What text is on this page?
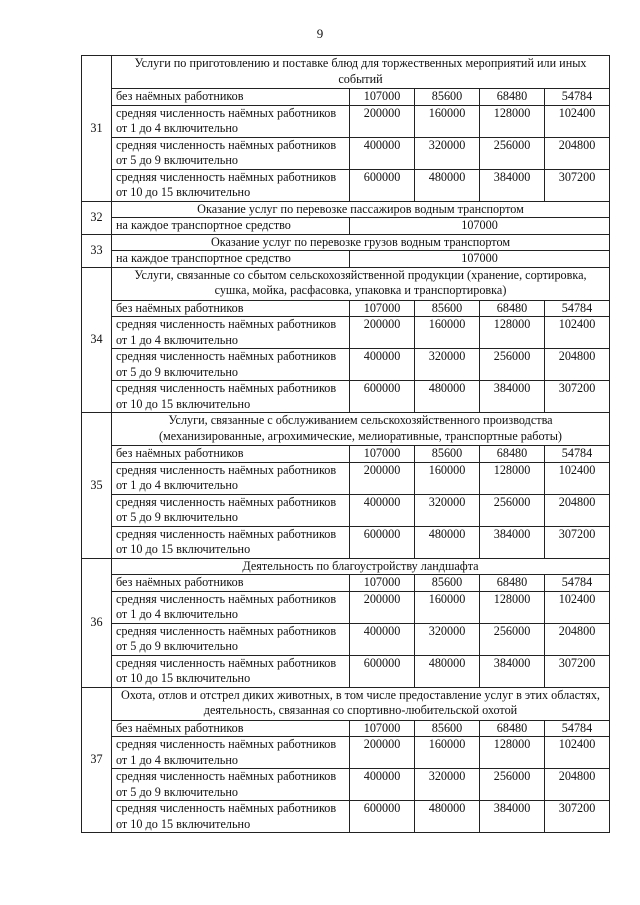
9
31	Услуги по приготовлению и поставке блюд для торжественных мероприятий или иных событий				
	без наёмных работников	107000	85600	68480	54784
	средняя численность наёмных работников от 1 до 4 включительно	200000	160000	128000	102400
	средняя численность наёмных работников от 5 до 9 включительно	400000	320000	256000	204800
	средняя численность наёмных работников от 10 до 15 включительно	600000	480000	384000	307200
32	Оказание услуг по перевозке пассажиров водным транспортом				
	на каждое транспортное средство	107000			
33	Оказание услуг по перевозке грузов водным транспортом				
	на каждое транспортное средство	107000			
34	Услуги, связанные со сбытом сельскохозяйственной продукции (хранение, сортировка, сушка, мойка, расфасовка, упаковка и транспортировка)				
	без наёмных работников	107000	85600	68480	54784
	средняя численность наёмных работников от 1 до 4 включительно	200000	160000	128000	102400
	средняя численность наёмных работников от 5 до 9 включительно	400000	320000	256000	204800
	средняя численность наёмных работников от 10 до 15 включительно	600000	480000	384000	307200
35	Услуги, связанные с обслуживанием сельскохозяйственного производства (механизированные, агрохимические, мелиоративные, транспортные работы)				
	без наёмных работников	107000	85600	68480	54784
	средняя численность наёмных работников от 1 до 4 включительно	200000	160000	128000	102400
	средняя численность наёмных работников от 5 до 9 включительно	400000	320000	256000	204800
	средняя численность наёмных работников от 10 до 15 включительно	600000	480000	384000	307200
36	Деятельность по благоустройству ландшафта				
	без наёмных работников	107000	85600	68480	54784
	средняя численность наёмных работников от 1 до 4 включительно	200000	160000	128000	102400
	средняя численность наёмных работников от 5 до 9 включительно	400000	320000	256000	204800
	средняя численность наёмных работников от 10 до 15 включительно	600000	480000	384000	307200
37	Охота, отлов и отстрел диких животных, в том числе предоставление услуг в этих областях, деятельность, связанная со спортивно-любительской охотой				
	без наёмных работников	107000	85600	68480	54784
	средняя численность наёмных работников от 1 до 4 включительно	200000	160000	128000	102400
	средняя численность наёмных работников от 5 до 9 включительно	400000	320000	256000	204800
	средняя численность наёмных работников от 10 до 15 включительно	600000	480000	384000	307200
